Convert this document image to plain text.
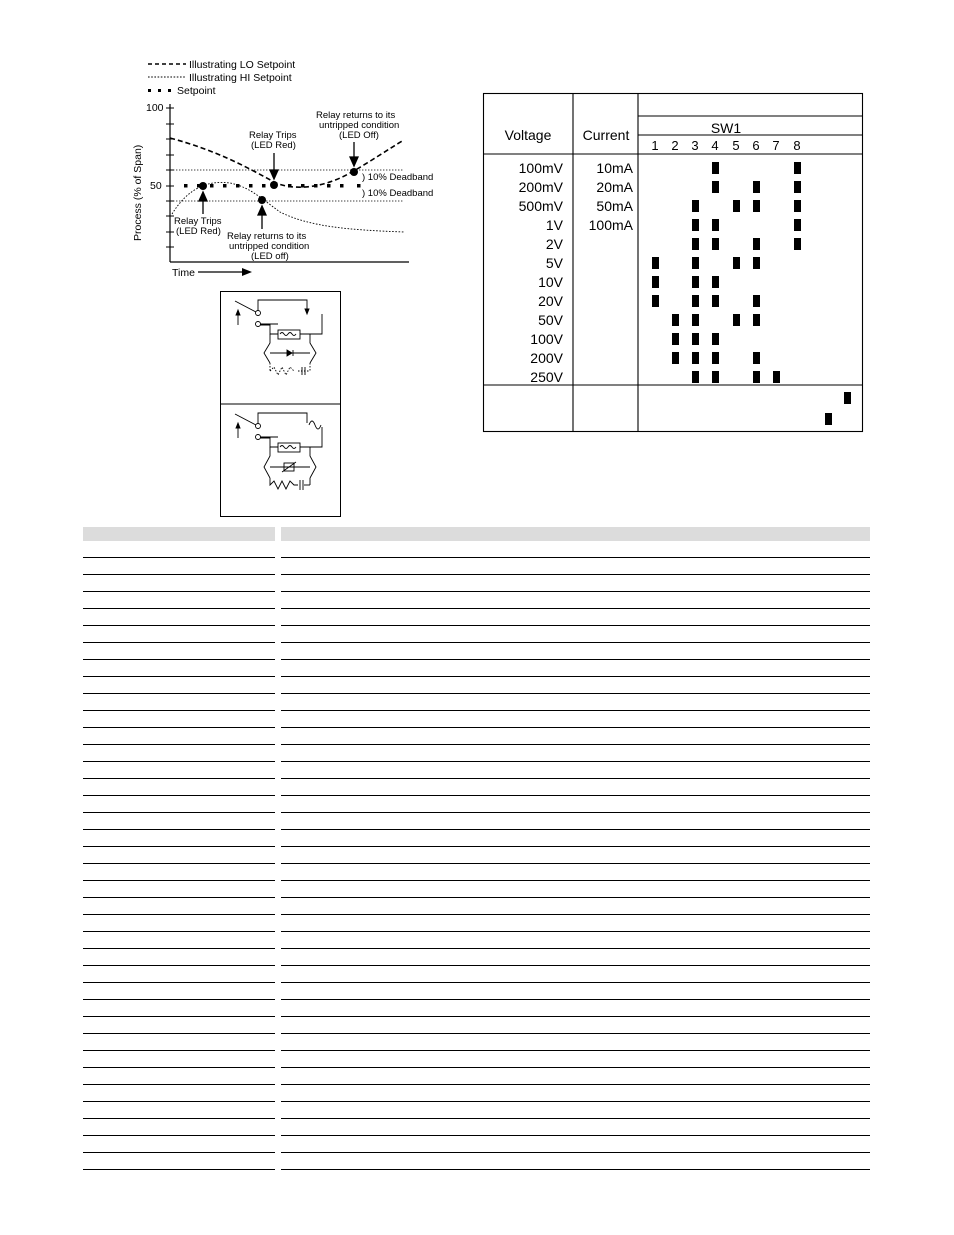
Illustrating LO Setpoint
Illustrating HI Setpoint
Setpoint
100
50
Process (% of Span)
Time
Relay returns to its untripped condition (LED Off)
Relay Trips (LED Red)
) 10% Deadband
) 10% Deadband
Relay Trips (LED Red) Relay returns to its untripped condition (LED off)
Voltage Current	SW1
1 2 3 4 5 6 7 8
100mV 10mA
200mV 20mA
500mV 50mA
1V 100mA
2V
5V
10V
20V
50V
100V
200V
250V
